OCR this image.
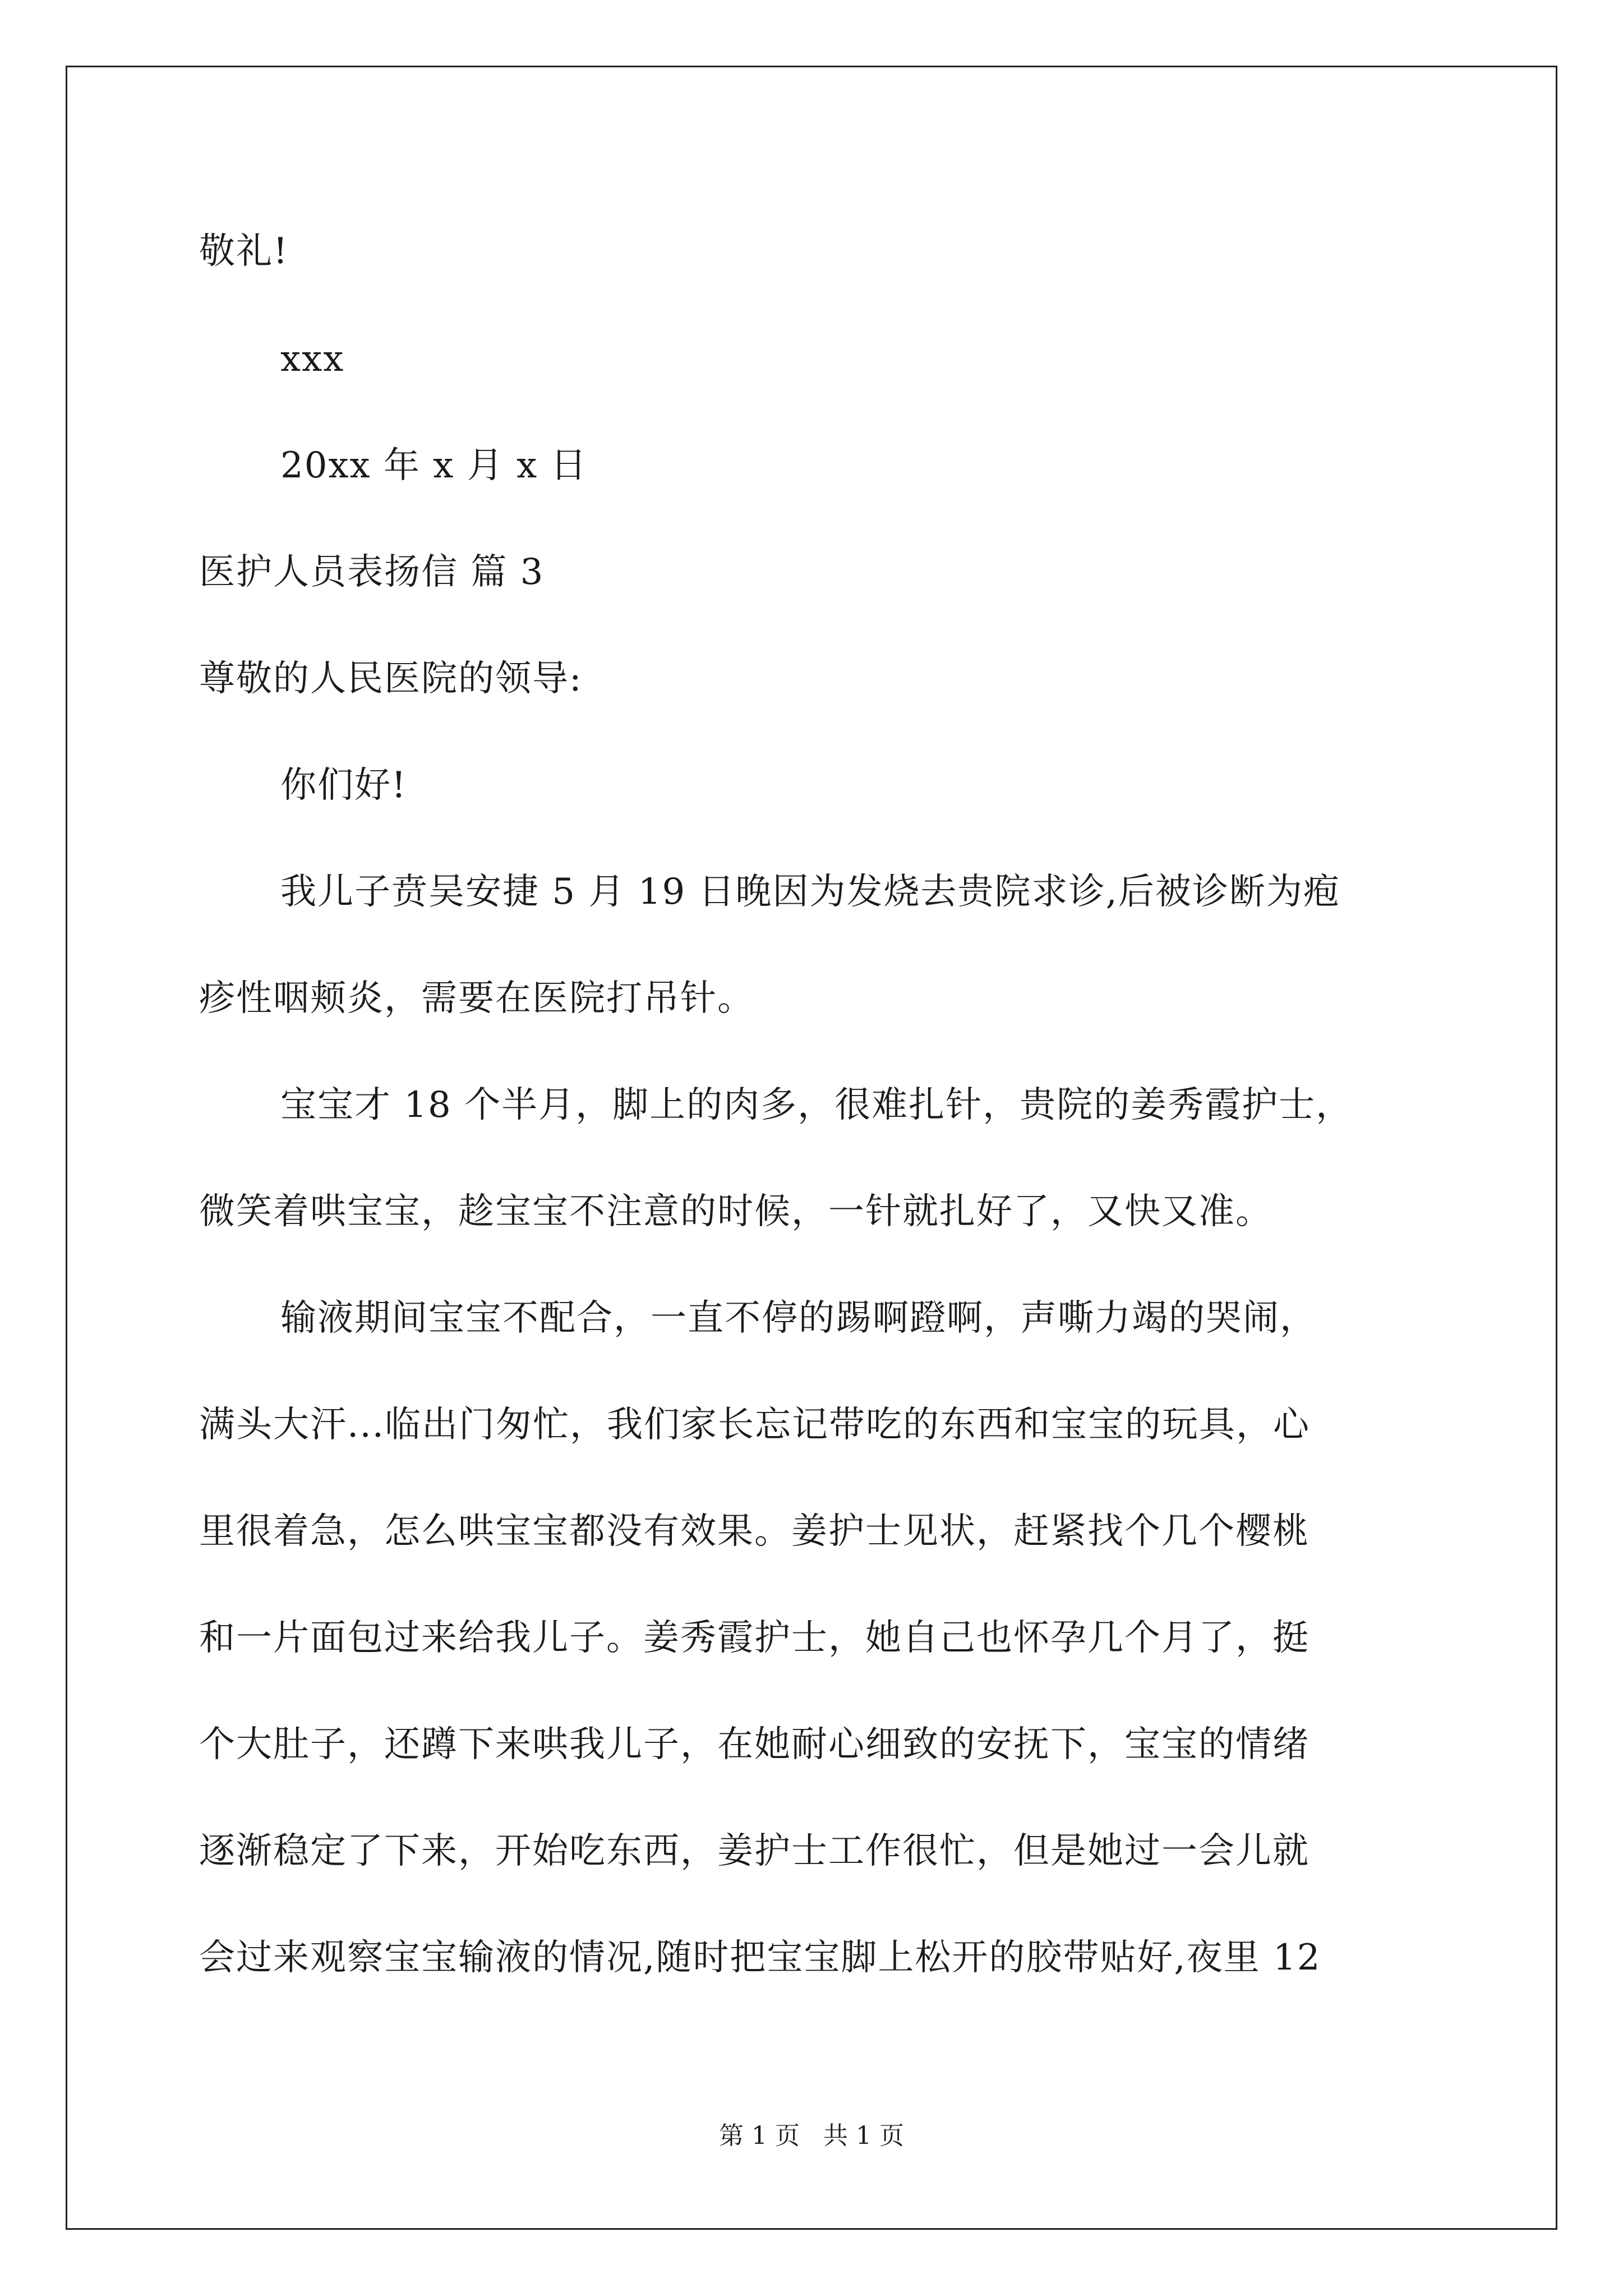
敬礼!
xxx
20xx 年 x 月 x 日
医护人员表扬信 篇 3
尊敬的人民医院的领导:
你们好!
我儿子贲吴安捷 5 月 19 日晚因为发烧去贵院求诊,后被诊断为疱
疹性咽颊炎，需要在医院打吊针。
宝宝才 18 个半月，脚上的肉多，很难扎针，贵院的姜秀霞护士，
微笑着哄宝宝，趁宝宝不注意的时候，一针就扎好了，又快又准。
输液期间宝宝不配合，一直不停的踢啊蹬啊，声嘶力竭的哭闹，
满头大汗...临出门匆忙，我们家长忘记带吃的东西和宝宝的玩具，心
里很着急，怎么哄宝宝都没有效果。姜护士见状，赶紧找个几个樱桃
和一片面包过来给我儿子。姜秀霞护士，她自己也怀孕几个月了，挺
个大肚子，还蹲下来哄我儿子，在她耐心细致的安抚下，宝宝的情绪
逐渐稳定了下来，开始吃东西，姜护士工作很忙，但是她过一会儿就
会过来观察宝宝输液的情况,随时把宝宝脚上松开的胶带贴好,夜里 12
第 1 页   共 1 页
